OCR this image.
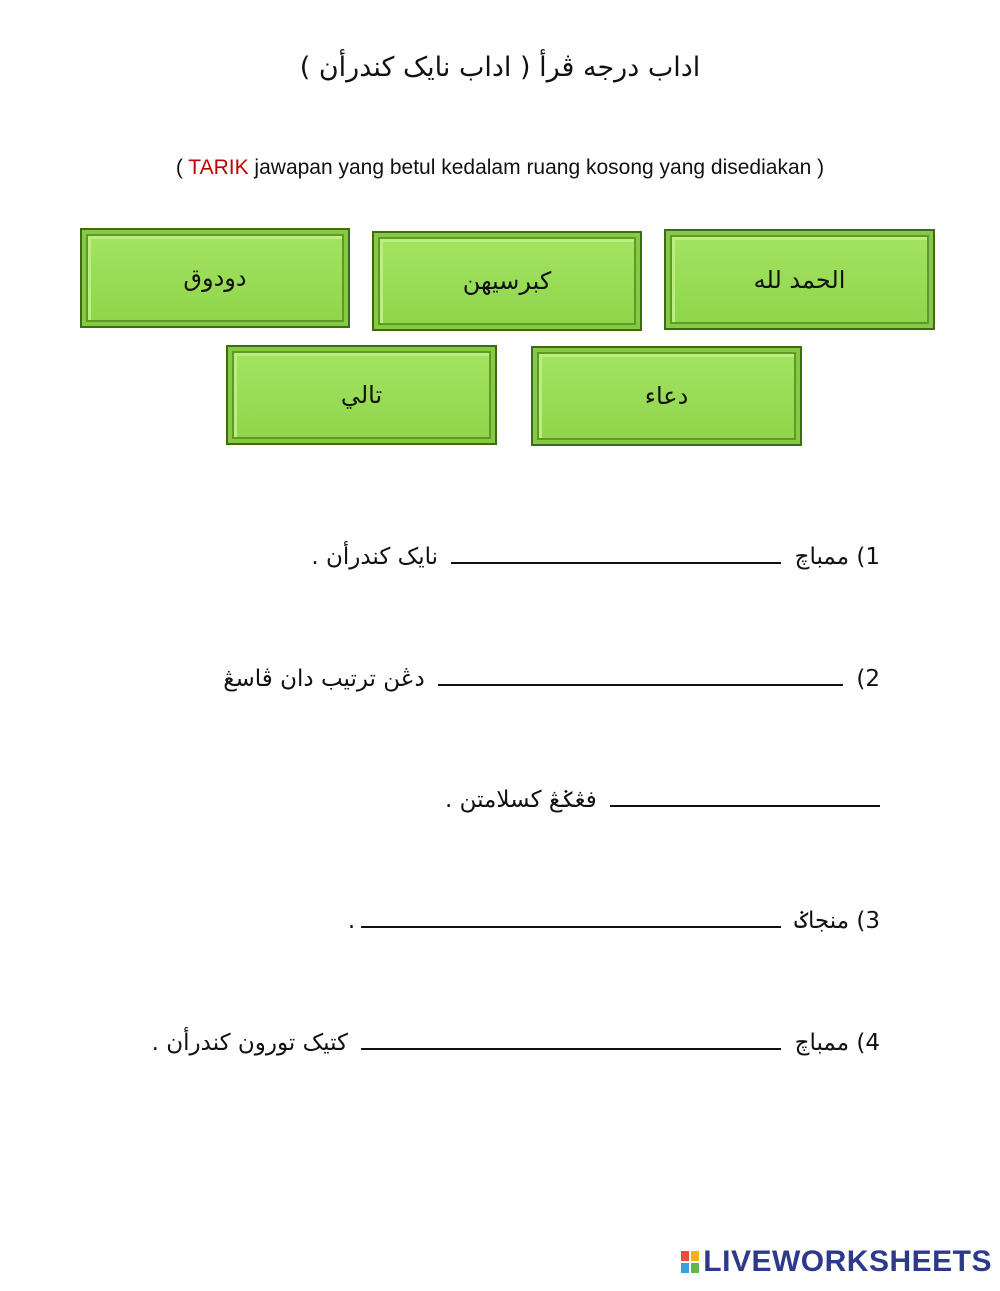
اداب درجه ڤرأ ( اداب نايک کندرأن )
( TARIK jawapan yang betul kedalam ruang kosong yang disediakan )
الحمد لله
کبرسيهن
دودوق
دعاء
تالي
1) ممباچ  نايک کندرأن .
2)  دڠن ترتيب دان ڤاسڠ
فڠݢڠ کسلامتن .
3) منجاݢ .
4) ممباچ  کتيک تورون کندرأن .
LIVEWORKSHEETS
